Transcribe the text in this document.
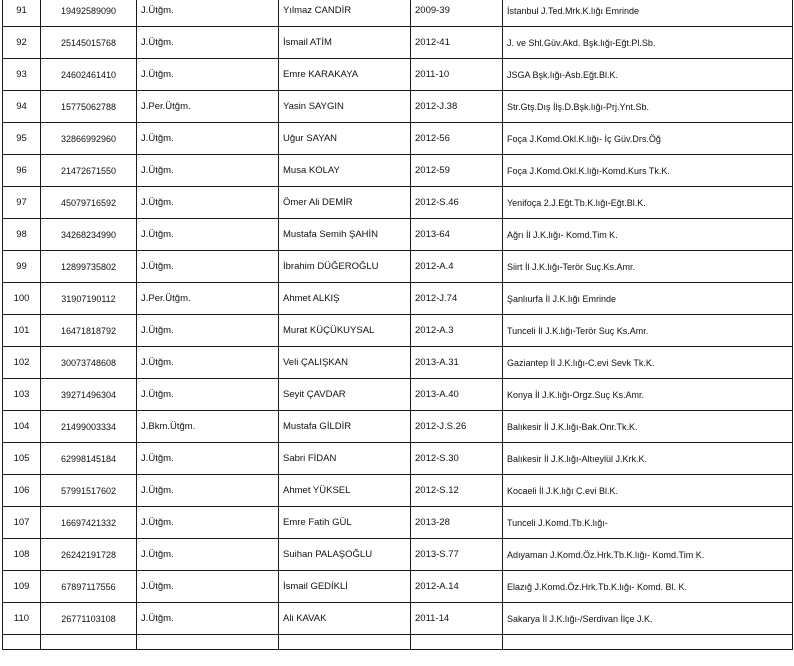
91	19492589090	J.Ütğm.	Yılmaz CANDİR	2009-39	İstanbul J.Ted.Mrk.K.lığı Emrinde
92	25145015768	J.Ütğm.	İsmail ATİM	2012-41	J. ve Shl.Güv.Akd. Bşk.lığı-Eğt.Pl.Sb.
93	24602461410	J.Ütğm.	Emre KARAKAYA	2011-10	JSGA Bşk.lığı-Asb.Eğt.Bl.K.
94	15775062788	J.Per.Ütğm.	Yasin SAYGIN	2012-J.38	Str.Gtş.Dış İlş.D.Bşk.lığı-Prj.Ynt.Sb.
95	32866992960	J.Ütğm.	Uğur SAYAN	2012-56	Foça J.Komd.Okl.K.lığı- İç Güv.Drs.Öğ
96	21472671550	J.Ütğm.	Musa KOLAY	2012-59	Foça J.Komd.Okl.K.lığı-Komd.Kurs Tk.K.
97	45079716592	J.Ütğm.	Ömer Ali DEMİR	2012-S.46	Yenifoça 2.J.Eğt.Tb.K.lığı-Eğt.Bl.K.
98	34268234990	J.Ütğm.	Mustafa Semih ŞAHİN	2013-64	Ağrı İl J.K.lığı- Komd.Tim K.
99	12899735802	J.Ütğm.	İbrahim DÜĞEROĞLU	2012-A.4	Siirt İl J.K.lığı-Terör Suç.Ks.Amr.
100	31907190112	J.Per.Ütğm.	Ahmet ALKIŞ	2012-J.74	Şanlıurfa İl J.K.lığı Emrinde
101	16471818792	J.Ütğm.	Murat KÜÇÜKUYSAL	2012-A.3	Tunceli İl J.K.lığı-Terör Suç Ks.Amr.
102	30073748608	J.Ütğm.	Veli ÇALIŞKAN	2013-A.31	Gaziantep İl J.K.lığı-C.evi Sevk Tk.K.
103	39271496304	J.Ütğm.	Seyit ÇAVDAR	2013-A.40	Konya İl J.K.lığı-Orgz.Suç Ks.Amr.
104	21499003334	J.Bkm.Ütğm.	Mustafa GİLDİR	2012-J.S.26	Balıkesir İl J.K.lığı-Bak.Onr.Tk.K.
105	62998145184	J.Ütğm.	Sabri FİDAN	2012-S.30	Balıkesir İl J.K.lığı-Altıeylül J.Krk.K.
106	57991517602	J.Ütğm.	Ahmet YÜKSEL	2012-S.12	Kocaeli İl J.K.lığı C.evi Bl.K.
107	16697421332	J.Ütğm.	Emre Fatih GÜL	2013-28	Tunceli J.Komd.Tb.K.lığı-
108	26242191728	J.Ütğm.	Suihan PALAŞOĞLU	2013-S.77	Adıyaman J.Komd.Öz.Hrk.Tb.K.lığı- Komd.Tim K.
109	67897117556	J.Ütğm.	İsmail GEDİKLİ	2012-A.14	Elazığ J.Komd.Öz.Hrk.Tb.K.lığı- Komd. Bl. K.
110	26771103108	J.Ütğm.	Ali KAVAK	2011-14	Sakarya İl J.K.lığı-/Serdivan İlçe J.K.
